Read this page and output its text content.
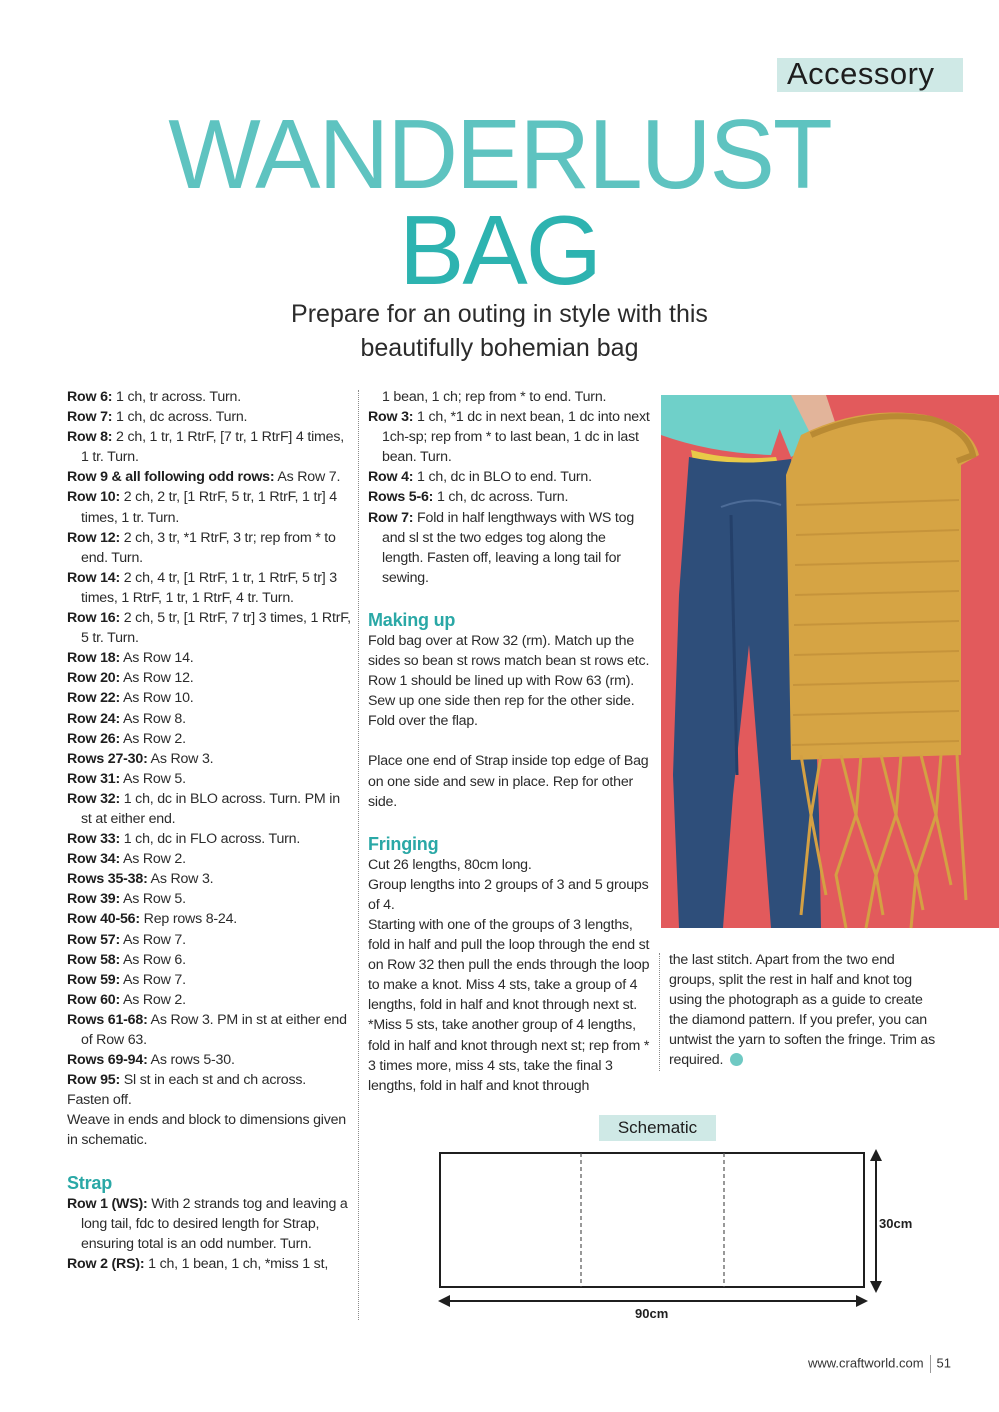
Accessory
WANDERLUST
BAG
Prepare for an outing in style with this
beautifully bohemian bag

Row 6: 1 ch, tr across. Turn.

Row 7: 1 ch, dc across. Turn.

Row 8: 2 ch, 1 tr, 1 RtrF, [7 tr, 1 RtrF] 4 times, 1 tr. Turn.

Row 9 & all following odd rows: As Row 7.

Row 10: 2 ch, 2 tr, [1 RtrF, 5 tr, 1 RtrF, 1 tr] 4 times, 1 tr. Turn.

Row 12: 2 ch, 3 tr, *1 RtrF, 3 tr; rep from * to end. Turn.

Row 14: 2 ch, 4 tr, [1 RtrF, 1 tr, 1 RtrF, 5 tr] 3 times, 1 RtrF, 1 tr, 1 RtrF, 4 tr. Turn.

Row 16: 2 ch, 5 tr, [1 RtrF, 7 tr] 3 times, 1 RtrF, 5 tr. Turn.

Row 18: As Row 14.

Row 20: As Row 12.

Row 22: As Row 10.

Row 24: As Row 8.

Row 26: As Row 2.

Rows 27-30: As Row 3.

Row 31: As Row 5.

Row 32: 1 ch, dc in BLO across. Turn. PM in st at either end.

Row 33: 1 ch, dc in FLO across. Turn.

Row 34: As Row 2.

Rows 35-38: As Row 3.

Row 39: As Row 5.

Row 40-56: Rep rows 8-24.

Row 57: As Row 7.

Row 58: As Row 6.

Row 59: As Row 7.

Row 60: As Row 2.

Rows 61-68: As Row 3. PM in st at either end of Row 63.

Rows 69-94: As rows 5-30.

Row 95: Sl st in each st and ch across.

Fasten off.

Weave in ends and block to dimensions given in schematic.

Strap

Row 1 (WS): With 2 strands tog and leaving a long tail, fdc to desired length for Strap, ensuring total is an odd number. Turn.

Row 2 (RS): 1 ch, 1 bean, 1 ch, *miss 1 st,

1 bean, 1 ch; rep from * to end. Turn.

Row 3: 1 ch, *1 dc in next bean, 1 dc into next 1ch-sp; rep from * to last bean, 1 dc in last bean. Turn.

Row 4: 1 ch, dc in BLO to end. Turn.

Rows 5-6: 1 ch, dc across. Turn.

Row 7: Fold in half lengthways with WS tog and sl st the two edges tog along the length. Fasten off, leaving a long tail for sewing.

Making up

Fold bag over at Row 32 (rm). Match up the sides so bean st rows match bean st rows etc. Row 1 should be lined up with Row 63 (rm). Sew up one side then rep for the other side. Fold over the flap.

Place one end of Strap inside top edge of Bag on one side and sew in place. Rep for other side.

Fringing

Cut 26 lengths, 80cm long.

Group lengths into 2 groups of 3 and 5 groups of 4.

Starting with one of the groups of 3 lengths, fold in half and pull the loop through the end st on Row 32 then pull the ends through the loop to make a knot. Miss 4 sts, take a group of 4 lengths, fold in half and knot through next st. *Miss 5 sts, take another group of 4 lengths, fold in half and knot through next st; rep from * 3 times more, miss 4 sts, take the final 3 lengths, fold in half and knot through

the last stitch. Apart from the two end groups, split the rest in half and knot tog using the photograph as a guide to create the diamond pattern. If you prefer, you can untwist the yarn to soften the fringe. Trim as required.

Schematic
30cm
90cm
www.craftworld.com 51
